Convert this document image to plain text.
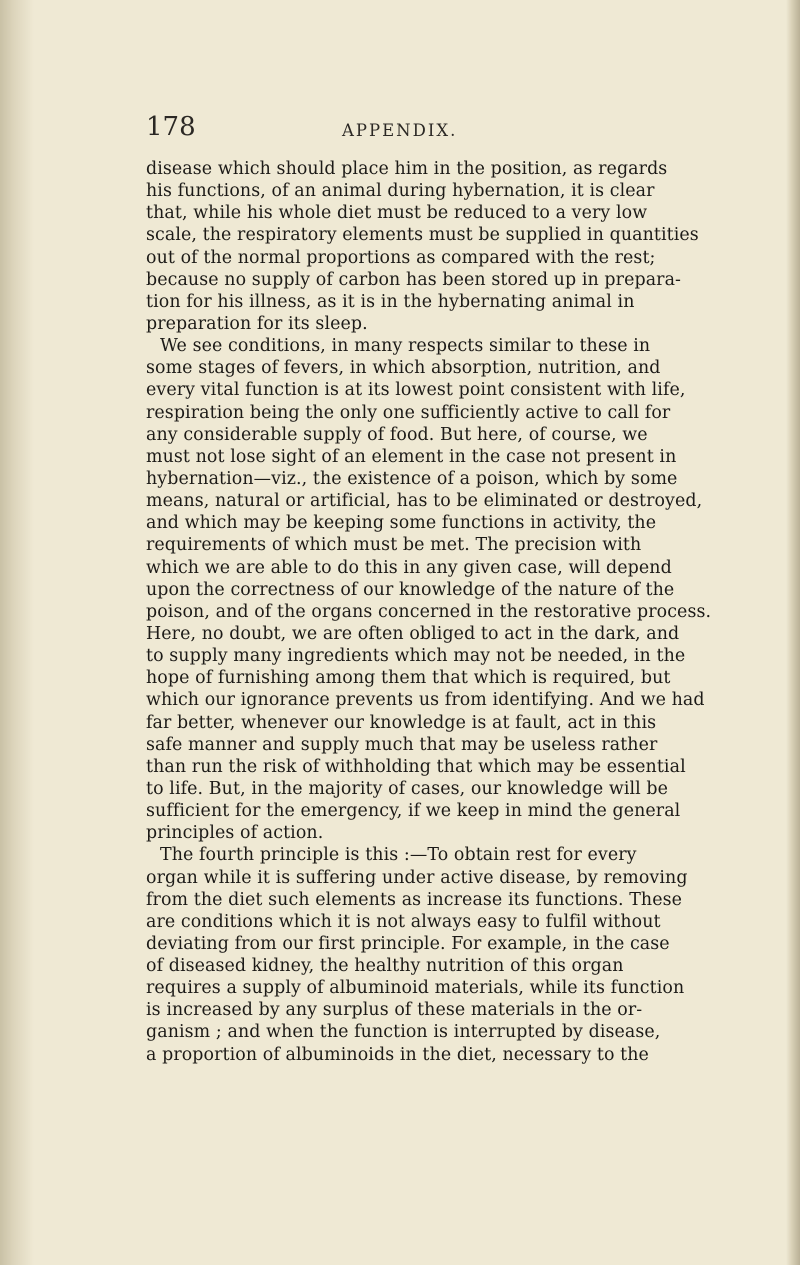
178	APPENDIX.
disease which should place him in the position, as regards
his functions, of an animal during hybernation, it is clear
that, while his whole diet must be reduced to a very low
scale, the respiratory elements must be supplied in quantities
out of the normal proportions as compared with the rest;
because no supply of carbon has been stored up in prepara-
tion for his illness, as it is in the hybernating animal in
preparation for its sleep.
We see conditions, in many respects similar to these in
some stages of fevers, in which absorption, nutrition, and
every vital function is at its lowest point consistent with life,
respiration being the only one sufficiently active to call for
any considerable supply of food. But here, of course, we
must not lose sight of an element in the case not present in
hybernation—viz., the existence of a poison, which by some
means, natural or artificial, has to be eliminated or destroyed,
and which may be keeping some functions in activity, the
requirements of which must be met. The precision with
which we are able to do this in any given case, will depend
upon the correctness of our knowledge of the nature of the
poison, and of the organs concerned in the restorative process.
Here, no doubt, we are often obliged to act in the dark, and
to supply many ingredients which may not be needed, in the
hope of furnishing among them that which is required, but
which our ignorance prevents us from identifying. And we had
far better, whenever our knowledge is at fault, act in this
safe manner and supply much that may be useless rather
than run the risk of withholding that which may be essential
to life. But, in the majority of cases, our knowledge will be
sufficient for the emergency, if we keep in mind the general
principles of action.
The fourth principle is this :—To obtain rest for every
organ while it is suffering under active disease, by removing
from the diet such elements as increase its functions. These
are conditions which it is not always easy to fulfil without
deviating from our first principle. For example, in the case
of diseased kidney, the healthy nutrition of this organ
requires a supply of albuminoid materials, while its function
is increased by any surplus of these materials in the or-
ganism ; and when the function is interrupted by disease,
a proportion of albuminoids in the diet, necessary to the
